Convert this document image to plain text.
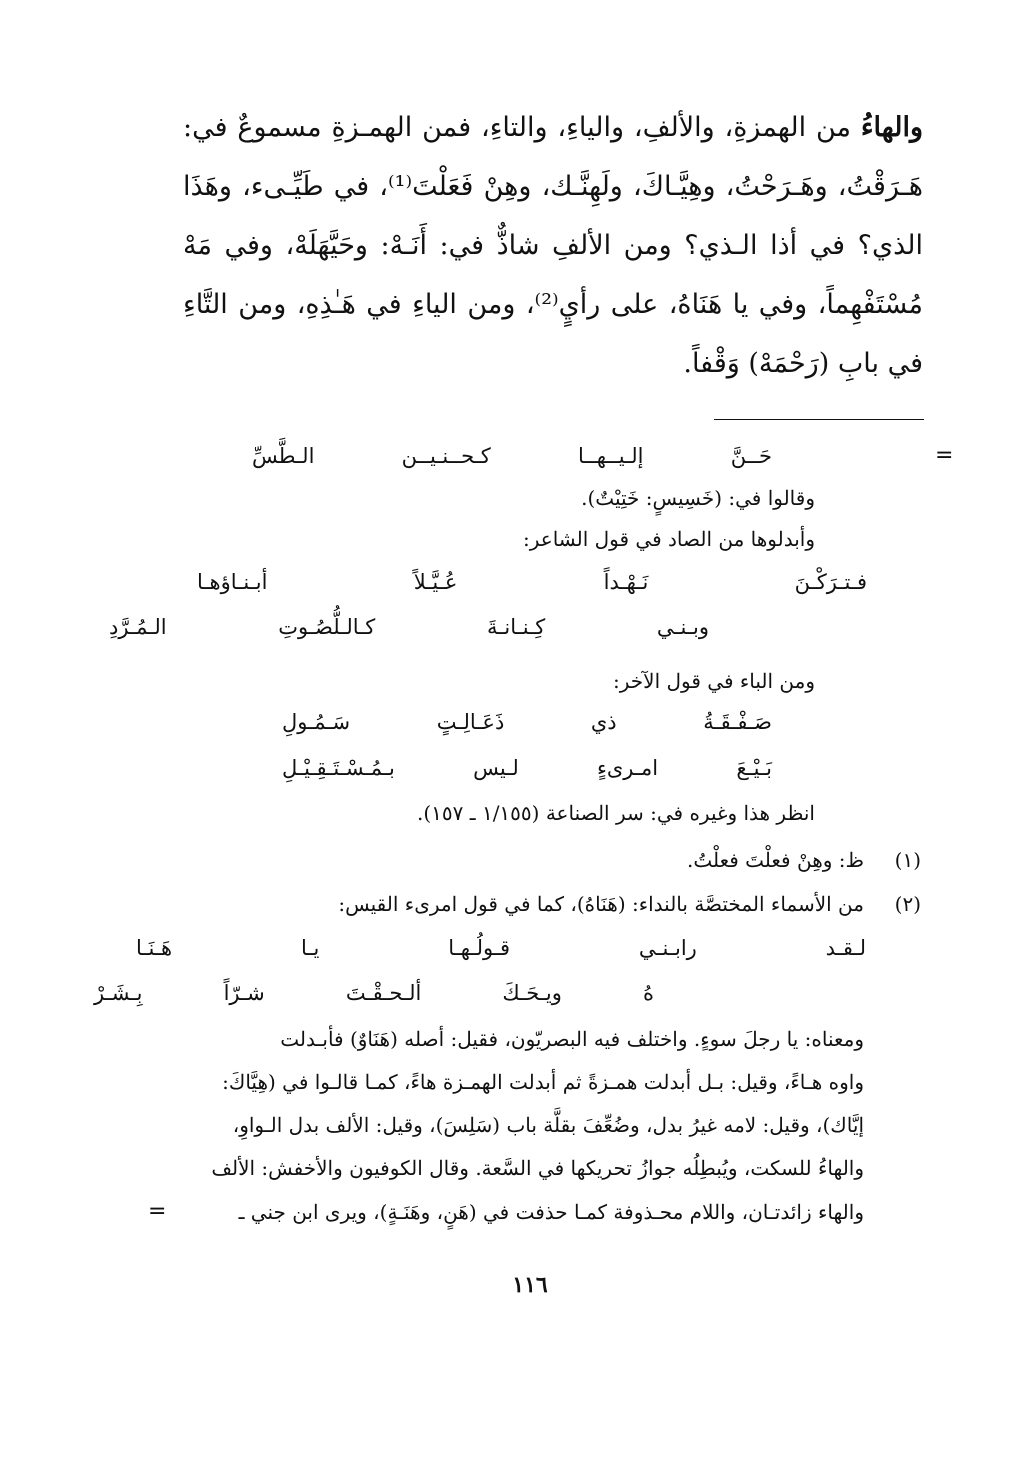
والهاءُ من الهمزةِ، والألفِ، والياءِ، والتاءِ، فمن الهمـزةِ مسموعٌ في: هَـرَقْتُ، وهَـرَحْتُ، وهِيَّـاكَ، ولَهِنَّـك، وهِنْ فَعَلْتَ⁽¹⁾، في طَيِّـىء، وهَذَا الذي؟ في أذا الـذي؟ ومن الألفِ شاذٌّ في: أَنَـهْ: وحَيَّهَلَهْ، وفي مَهْ مُسْتَفْهِماً، وفي يا هَنَاهُ، على رأيٍ⁽²⁾، ومن الياءِ في هَـٰذِهِ، ومن التَّاءِ في بابِ (رَحْمَهْ) وَقْفاً.

=
حَــنَّ
إلـيــهــا
كـحــنـيــن
الـطَّسِّ
وقالوا في: (خَسِيسٍ: خَتِيْتٌ).
وأبدلوها من الصاد في قول الشاعر:
فـتـرَكْـنَ
نَـهْـداً
عُـيَّـلاً
أبـنـاؤهـا
وبـنـي
كِـنـانـةَ
كـالـلُّصُـوتِ
الـمُـرَّدِ
ومن الباء في قول الآخر:
صَـفْـقَـةُ
ذي
ذَعَـالِـتٍ
سَـمُـولِ
بَـيْـعَ
امـرىءٍ
لـيس
بـمُـسْـتَـقِـيْـلِ
انظر هذا وغيره في: سر الصناعة (١/١٥٥ ـ ١٥٧).
(١)
ظ: وهِنْ فعلْتَ فعلْتُ.
(٢)
من الأسماء المختصَّة بالنداء: (هَنَاهُ)، كما في قول امرىء القيس:
لـقـد
رابـنـي
قـولُـهـا
يـا
هَـنَـا
هُ
ويـحَـكَ
ألـحـقْـتَ
شـرّاً
بِـشَـرْ
ومعناه: يا رجلَ سوءٍ. واختلف فيه البصريّون، فقيل: أصله (هَنَاوٌ) فأبـدلت
واوه هـاءً، وقيل: بـل أبدلت همـزةً ثم أبدلت الهمـزة هاءً، كمـا قالـوا في (هِيَّاكَ:
إيَّاك)، وقيل: لامه غيرُ بدل، وضُعِّفَ بقلَّة باب (سَلِسَ)، وقيل: الألف بدل الـواوِ،
والهاءُ للسكت، ويُبطِلُه جوازُ تحريكها في السَّعة. وقال الكوفيون والأخفش: الألف
والهاء زائدتـان، واللام محـذوفة كمـا حذفت في (هَنٍ، وهَنَـةٍ)، ويرى ابن جني ـ
=
١١٦
